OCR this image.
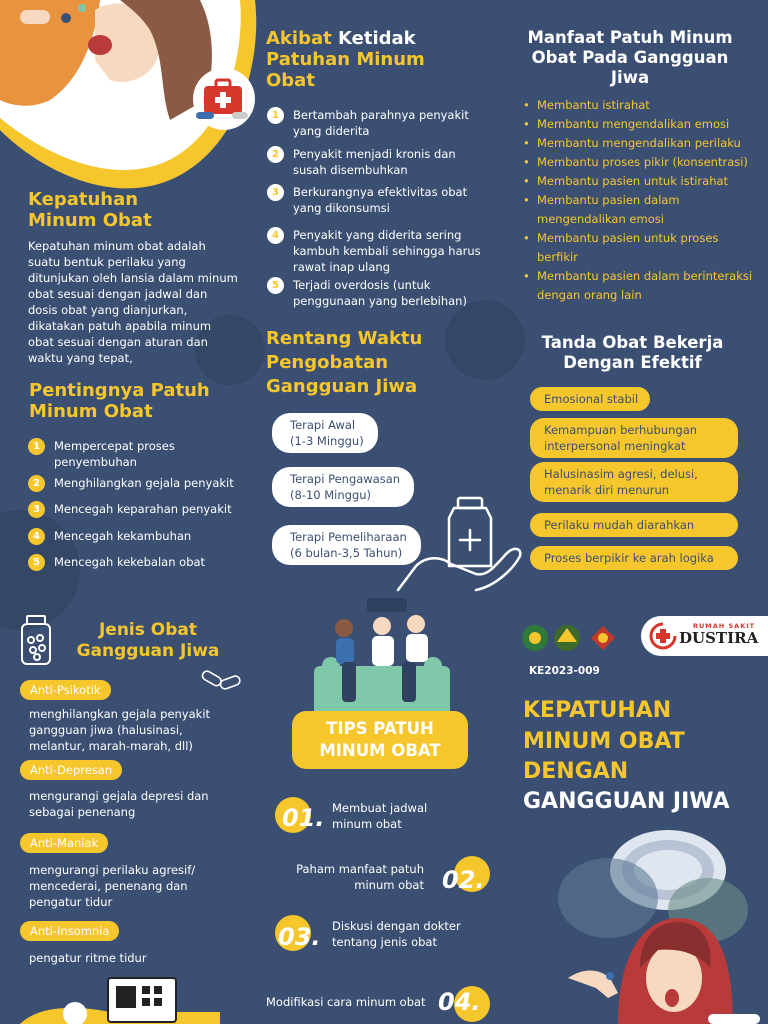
Kepatuhan
Minum Obat
Kepatuhan minum obat adalah suatu bentuk perilaku yang ditunjukan oleh lansia dalam minum obat sesuai dengan jadwal dan dosis obat yang dianjurkan, dikatakan patuh apabila minum obat sesuai dengan aturan dan waktu yang tepat,
Pentingnya Patuh
Minum Obat
1	Mempercepat proses penyembuhan
2	Menghilangkan gejala penyakit
3	Mencegah keparahan penyakit
4	Mencegah kekambuhan
5	Mencegah kekebalan obat
Akibat Ketidak
Patuhan Minum
Obat
1	Bertambah parahnya penyakit yang diderita
2	Penyakit menjadi kronis dan susah disembuhkan
3	Berkurangnya efektivitas obat yang dikonsumsi
4	Penyakit yang diderita sering kambuh kembali sehingga harus rawat inap ulang
5	Terjadi overdosis (untuk penggunaan yang berlebihan)
Rentang Waktu
Pengobatan
Gangguan Jiwa
Terapi Awal
(1-3 Minggu)
Terapi Pengawasan
(8-10 Minggu)
Terapi Pemeliharaan
(6 bulan-3,5 Tahun)
Manfaat Patuh Minum
Obat Pada Gangguan
Jiwa
• Membantu istirahat
• Membantu mengendalikan emosi
• Membantu mengendalikan perilaku
• Membantu proses pikir (konsentrasi)
• Membantu pasien untuk istirahat
• Membantu pasien dalam mengendalikan emosi
• Membantu pasien untuk proses berfikir
• Membantu pasien dalam berinteraksi dengan orang lain
Tanda Obat Bekerja
Dengan Efektif
Emosional stabil
Kemampuan berhubungan
interpersonal meningkat
Halusinasim agresi, delusi,
menarik diri menurun
Perilaku mudah diarahkan
Proses berpikir ke arah logika
Jenis Obat
Gangguan Jiwa
Anti-Psikotik
menghilangkan gejala penyakit gangguan jiwa (halusinasi, melantur, marah-marah, dll)
Anti-Depresan
mengurangi gejala depresi dan sebagai penenang
Anti-Maniak
mengurangi perilaku agresif/ mencederai, penenang dan pengatur tidur
Anti-Insomnia
pengatur ritme tidur
TIPS PATUH
MINUM OBAT
01. Membuat jadwal
minum obat
02.
Paham manfaat patuh
minum obat
03. Diskusi dengan dokter
tentang jenis obat
04.
Modifikasi cara minum obat
RUMAH SAKIT
DUSTIRA
KE2023-009
KEPATUHAN
MINUM OBAT
DENGAN
GANGGUAN JIWA
